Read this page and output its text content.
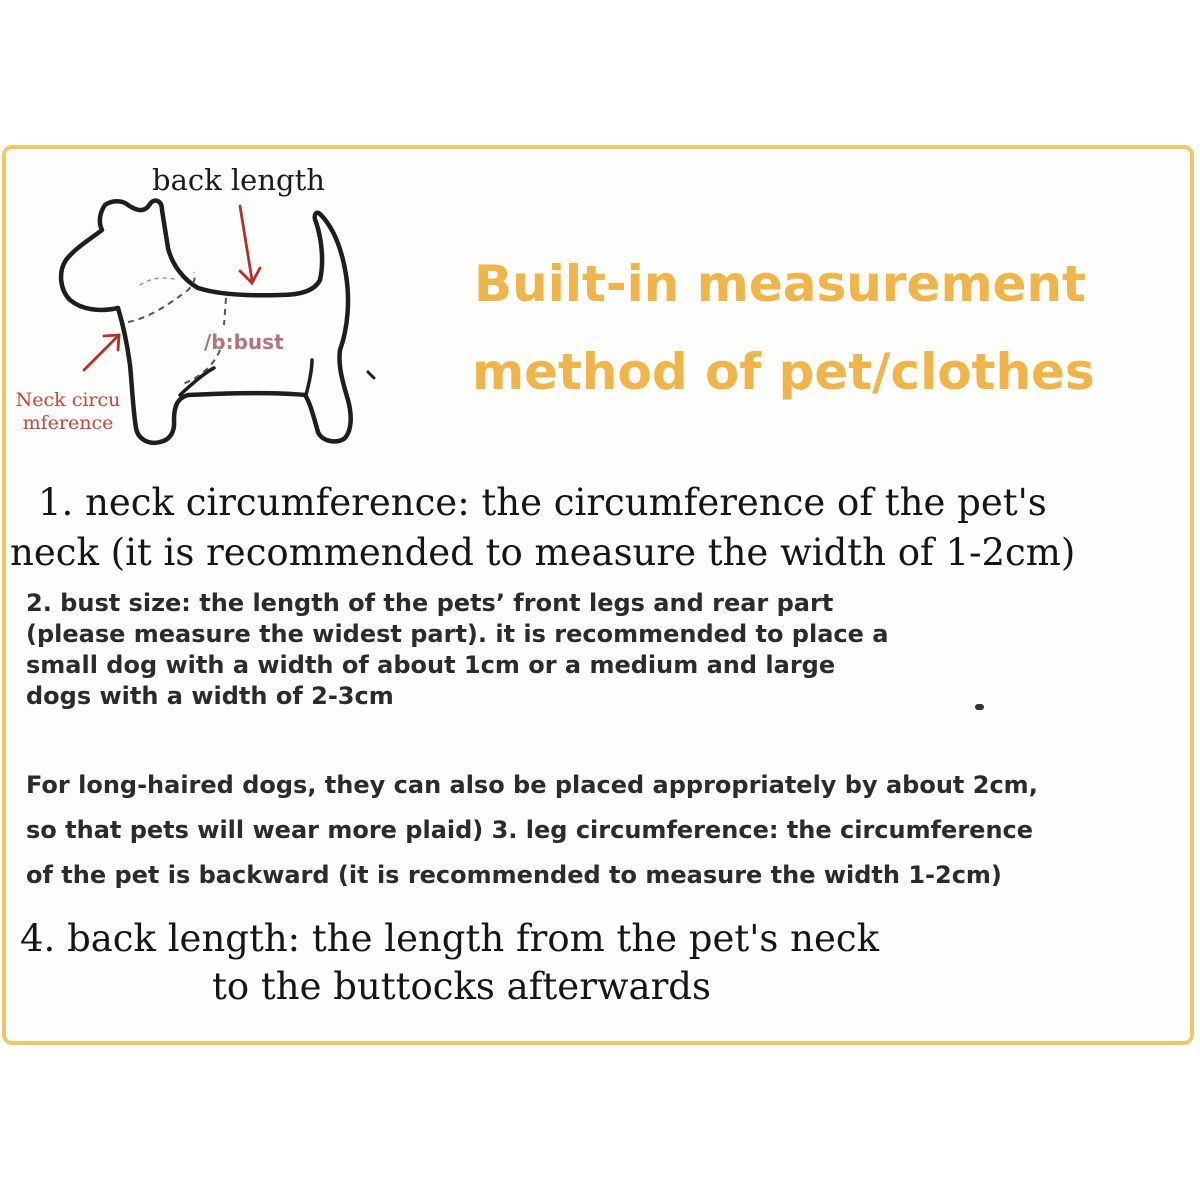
back length
/b:bust
Neck circu
mference
Built-in measurement
method of pet/clothes
1. neck circumference: the circumference of the pet's
neck (it is recommended to measure the width of 1-2cm)
2. bust size: the length of the pets’ front legs and rear part
(please measure the widest part). it is recommended to place a
small dog with a width of about 1cm or a medium and large
dogs with a width of 2-3cm
For long-haired dogs, they can also be placed appropriately by about 2cm,
so that pets will wear more plaid) 3. leg circumference: the circumference
of the pet is backward (it is recommended to measure the width 1-2cm)
4. back length: the length from the pet's neck
to the buttocks afterwards
